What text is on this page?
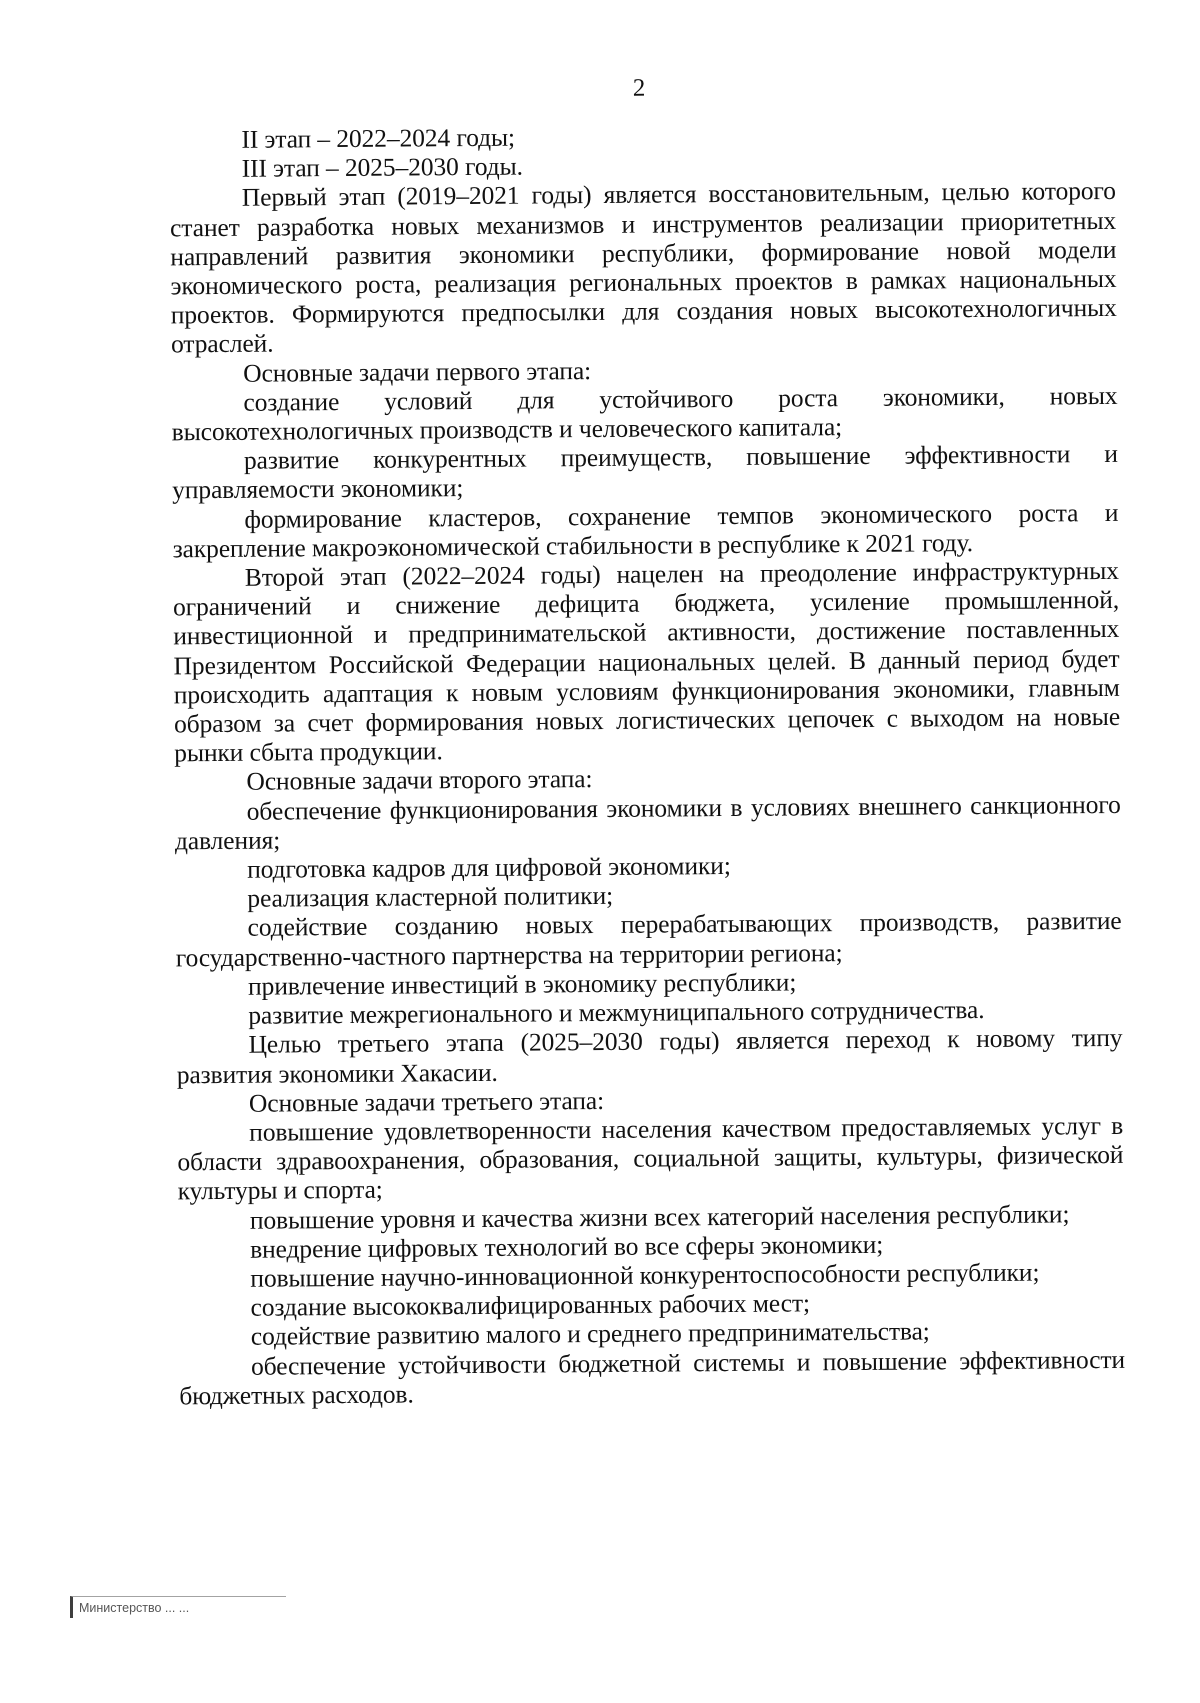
2

II этап – 2022–2024 годы;

III этап – 2025–2030 годы.

Первый этап (2019–2021 годы) является восстановительным, целью которого станет разработка новых механизмов и инструментов реализации приоритетных направлений развития экономики республики, формирование новой модели экономического роста, реализация региональных проектов в рамках национальных проектов. Формируются предпосылки для создания новых высокотехнологичных отраслей.

Основные задачи первого этапа:

создание условий для устойчивого роста экономики, новых высокотехнологичных производств и человеческого капитала;

развитие конкурентных преимуществ, повышение эффективности и управляемости экономики;

формирование кластеров, сохранение темпов экономического роста и закрепление макроэкономической стабильности в республике к 2021 году.

Второй этап (2022–2024 годы) нацелен на преодоление инфраструктурных ограничений и снижение дефицита бюджета, усиление промышленной, инвестиционной и предпринимательской активности, достижение поставленных Президентом Российской Федерации национальных целей. В данный период будет происходить адаптация к новым условиям функционирования экономики, главным образом за счет формирования новых логистических цепочек с выходом на новые рынки сбыта продукции.

Основные задачи второго этапа:

обеспечение функционирования экономики в условиях внешнего санкционного давления;

подготовка кадров для цифровой экономики;

реализация кластерной политики;

содействие созданию новых перерабатывающих производств, развитие государственно-частного партнерства на территории региона;

привлечение инвестиций в экономику республики;

развитие межрегионального и межмуниципального сотрудничества.

Целью третьего этапа (2025–2030 годы) является переход к новому типу развития экономики Хакасии.

Основные задачи третьего этапа:

повышение удовлетворенности населения качеством предоставляемых услуг в области здравоохранения, образования, социальной защиты, культуры, физической культуры и спорта;

повышение уровня и качества жизни всех категорий населения республики;

внедрение цифровых технологий во все сферы экономики;

повышение научно-инновационной конкурентоспособности республики;

создание высококвалифицированных рабочих мест;

содействие развитию малого и среднего предпринимательства;

обеспечение устойчивости бюджетной системы и повышение эффективности бюджетных расходов.

Министерство ... ...
